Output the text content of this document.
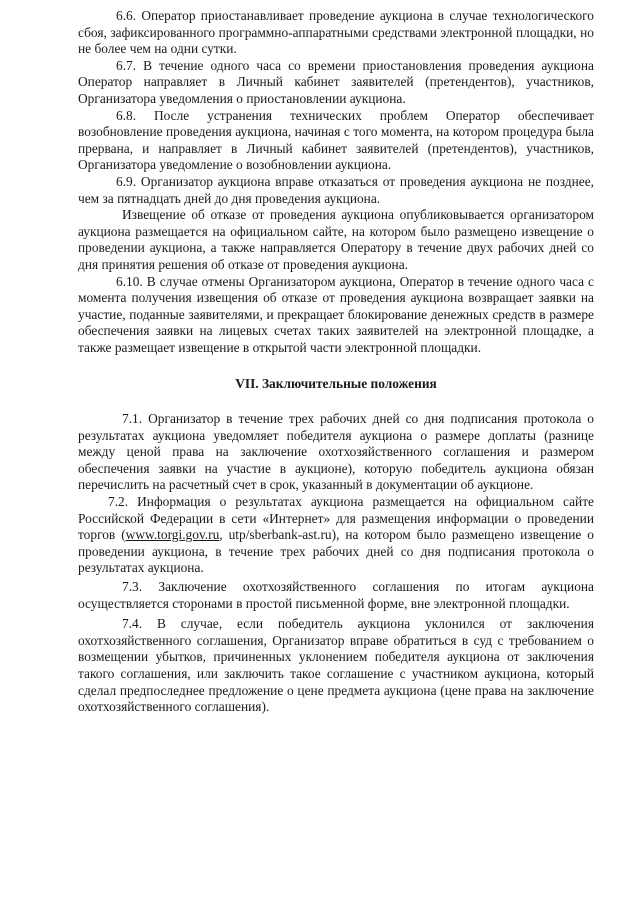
6.6. Оператор приостанавливает проведение аукциона в случае технологического сбоя, зафиксированного программно-аппаратными средствами электронной площадки, но не более чем на одни сутки.

6.7. В течение одного часа со времени приостановления проведения аукциона Оператор направляет в Личный кабинет заявителей (претендентов), участников, Организатора уведомления о приостановлении аукциона.

6.8. После устранения технических проблем Оператор обеспечивает возобновление проведения аукциона, начиная с того момента, на котором процедура была прервана, и направляет в Личный кабинет заявителей (претендентов), участников, Организатора уведомление о возобновлении аукциона.

6.9. Организатор аукциона вправе отказаться от проведения аукциона не позднее, чем за пятнадцать дней до дня проведения аукциона.

Извещение об отказе от проведения аукциона опубликовывается организатором аукциона размещается на официальном сайте, на котором было размещено извещение о проведении аукциона, а также направляется Оператору в течение двух рабочих дней со дня принятия решения об отказе от проведения аукциона.

6.10. В случае отмены Организатором аукциона, Оператор в течение одного часа с момента получения извещения об отказе от проведения аукциона возвращает заявки на участие, поданные заявителями, и прекращает блокирование денежных средств в размере обеспечения заявки на лицевых счетах таких заявителей на электронной площадке, а также размещает извещение в открытой части электронной площадки.

VII. Заключительные положения

7.1. Организатор в течение трех рабочих дней со дня подписания протокола о результатах аукциона уведомляет победителя аукциона о размере доплаты (разнице между ценой права на заключение охотхозяйственного соглашения и размером обеспечения заявки на участие в аукционе), которую победитель аукциона обязан перечислить на расчетный счет в срок, указанный в документации об аукционе.

7.2. Информация о результатах аукциона размещается на официальном сайте Российской Федерации в сети «Интернет» для размещения информации о проведении торгов (www.torgi.gov.ru, utp/sberbank-ast.ru), на котором было размещено извещение о проведении аукциона, в течение трех рабочих дней со дня подписания протокола о результатах аукциона.

7.3. Заключение охотхозяйственного соглашения по итогам аукциона осуществляется сторонами в простой письменной форме, вне электронной площадки.

7.4. В случае, если победитель аукциона уклонился от заключения охотхозяйственного соглашения, Организатор вправе обратиться в суд с требованием о возмещении убытков, причиненных уклонением победителя аукциона от заключения такого соглашения, или заключить такое соглашение с участником аукциона, который сделал предпоследнее предложение о цене предмета аукциона (цене права на заключение охотхозяйственного соглашения).
